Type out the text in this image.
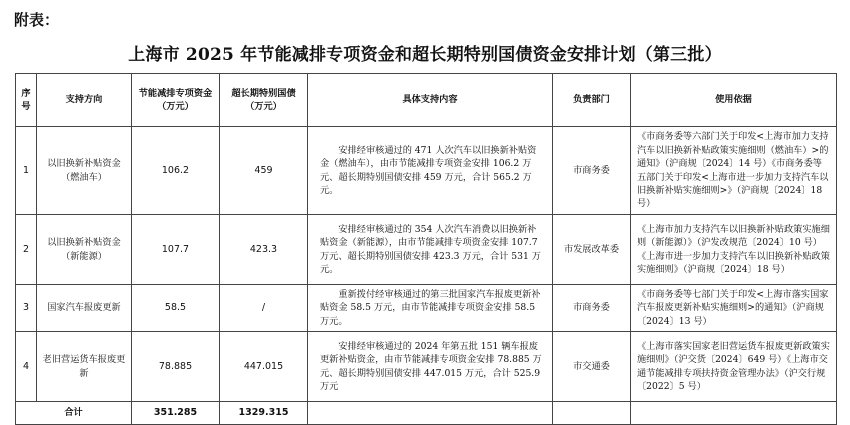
附表：
上海市 2025 年节能减排专项资金和超长期特别国债资金安排计划（第三批）
序号	支持方向	节能减排专项资金（万元）	超长期特别国债（万元）	具体支持内容	负责部门	使用依据
1	以旧换新补贴资金（燃油车）	106.2	459	安排经审核通过的 471 人次汽车以旧换新补贴资金（燃油车），由市节能减排专项资金安排 106.2 万元、超长期特别国债安排 459 万元，合计 565.2 万元。	市商务委	《市商务委等六部门关于印发<上海市加力支持汽车以旧换新补贴政策实施细则（燃油车）>的通知》（沪商规〔2024〕14 号）《市商务委等五部门关于印发<上海市进一步加力支持汽车以旧换新补贴实施细则>》（沪商规〔2024〕18 号）
2	以旧换新补贴资金（新能源）	107.7	423.3	安排经审核通过的 354 人次汽车消费以旧换新补贴资金（新能源），由市节能减排专项资金安排 107.7 万元、超长期特别国债安排 423.3 万元，合计 531 万元。	市发展改革委	《上海市加力支持汽车以旧换新补贴政策实施细则（新能源）》（沪发改规范〔2024〕10 号）《上海市进一步加力支持汽车以旧换新补贴政策实施细则》（沪商规〔2024〕18 号）
3	国家汽车报废更新	58.5	/	重新拨付经审核通过的第三批国家汽车报废更新补贴资金 58.5 万元，由市节能减排专项资金安排 58.5 万元。	市商务委	《市商务委等七部门关于印发<上海市落实国家汽车报废更新补贴实施细则>的通知》（沪商规〔2024〕13 号）
4	老旧营运货车报废更新	78.885	447.015	安排经审核通过的 2024 年第五批 151 辆车报废更新补贴资金，由市节能减排专项资金安排 78.885 万元、超长期特别国债安排 447.015 万元，合计 525.9 万元	市交通委	《上海市落实国家老旧营运货车报废更新政策实施细则》（沪交货〔2024〕649 号）《上海市交通节能减排专项扶持资金管理办法》（沪交行规〔2022〕5 号）
合计		351.285	1329.315			
